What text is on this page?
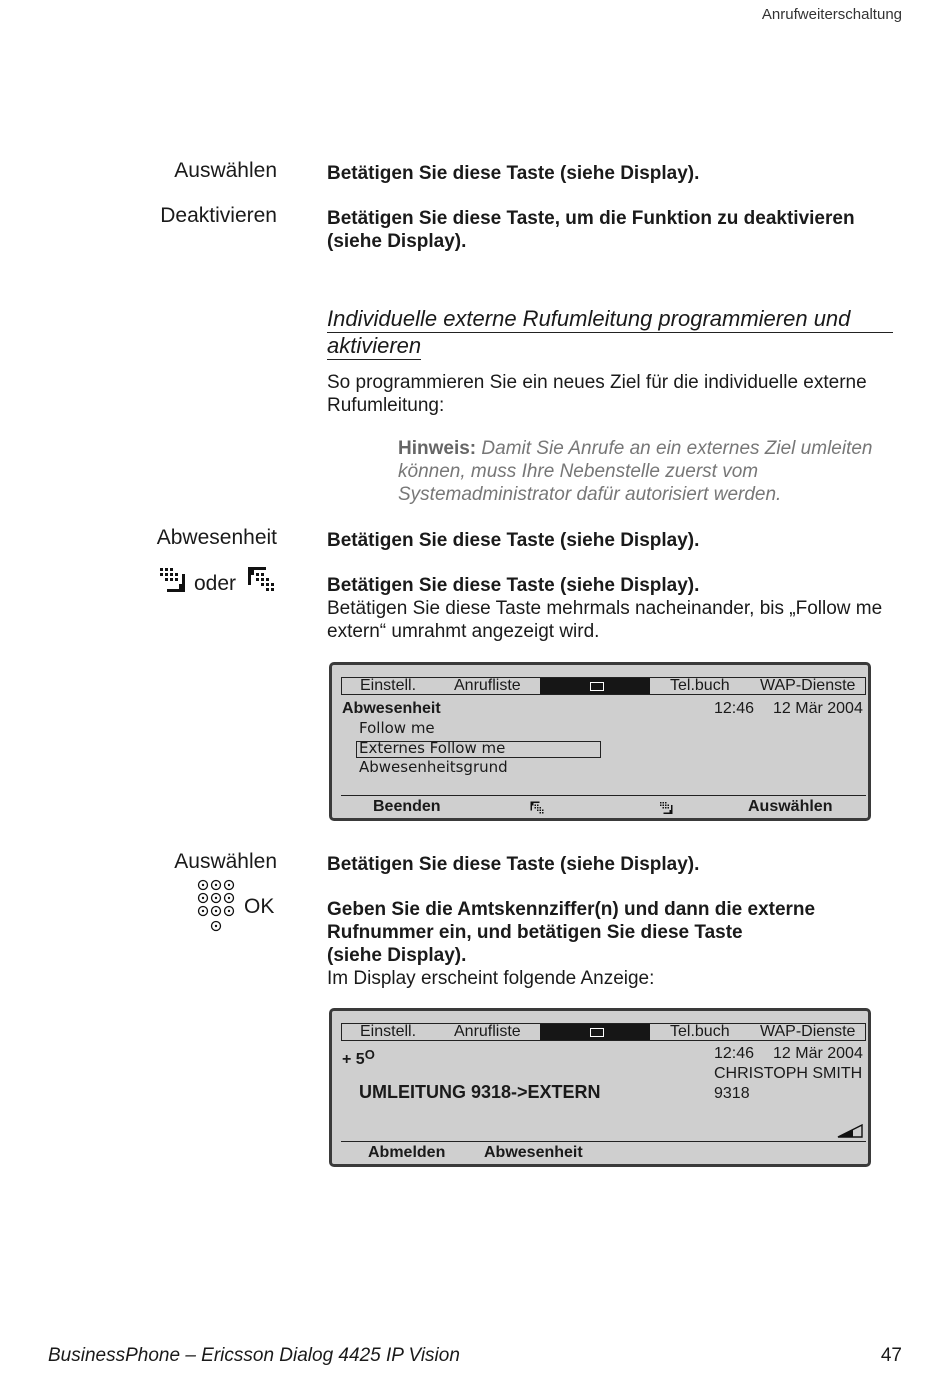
Anrufweiterschaltung
Auswählen	Betätigen Sie diese Taste (siehe Display).
Deaktivieren	Betätigen Sie diese Taste, um die Funktion zu deaktivieren
(siehe Display).
Individuelle externe Rufumleitung programmieren und
aktivieren
So programmieren Sie ein neues Ziel für die individuelle externe
Rufumleitung:
Hinweis: Damit Sie Anrufe an ein externes Ziel umleiten
können, muss Ihre Nebenstelle zuerst vom
Systemadministrator dafür autorisiert werden.
Abwesenheit	Betätigen Sie diese Taste (siehe Display).
oder	Betätigen Sie diese Taste (siehe Display).
Betätigen Sie diese Taste mehrmals nacheinander, bis „Follow me
extern“ umrahmt angezeigt wird.
Einstell. Anrufliste	Tel.buch WAP-Dienste
Abwesenheit	12:46 12 Mär 2004
Follow me
Externes Follow me
Abwesenheitsgrund
Beenden	Auswählen
Auswählen	Betätigen Sie diese Taste (siehe Display).
OK	Geben Sie die Amtskennziffer(n) und dann die externe
Rufnummer ein, und betätigen Sie diese Taste
(siehe Display).
Im Display erscheint folgende Anzeige:
Einstell. Anrufliste	Tel.buch WAP-Dienste
+ $5^O$	12:46 12 Mär 2004
CHRISTOPH SMITH
UMLEITUNG 9318->EXTERN	9318
Abmelden Abwesenheit
BusinessPhone – Ericsson Dialog 4425 IP Vision	47
